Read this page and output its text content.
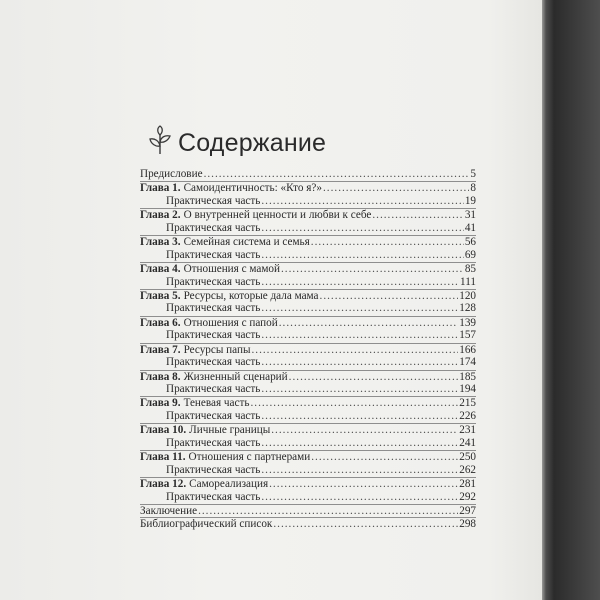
Содержание
Предисловие .....	5
Глава 1. Самоидентичность: «Кто я?» .....	8
Практическая часть .....	19
Глава 2. О внутренней ценности и любви к себе .....	31
Практическая часть .....	41
Глава 3. Семейная система и семья .....	56
Практическая часть .....	69
Глава 4. Отношения с мамой .....	85
Практическая часть .....	111
Глава 5. Ресурсы, которые дала мама .....	120
Практическая часть .....	128
Глава 6. Отношения с папой .....	139
Практическая часть .....	157
Глава 7. Ресурсы папы .....	166
Практическая часть .....	174
Глава 8. Жизненный сценарий .....	185
Практическая часть .....	194
Глава 9. Теневая часть .....	215
Практическая часть .....	226
Глава 10. Личные границы .....	231
Практическая часть .....	241
Глава 11. Отношения с партнерами .....	250
Практическая часть .....	262
Глава 12. Самореализация .....	281
Практическая часть .....	292
Заключение .....	297
Библиографический список .....	298
